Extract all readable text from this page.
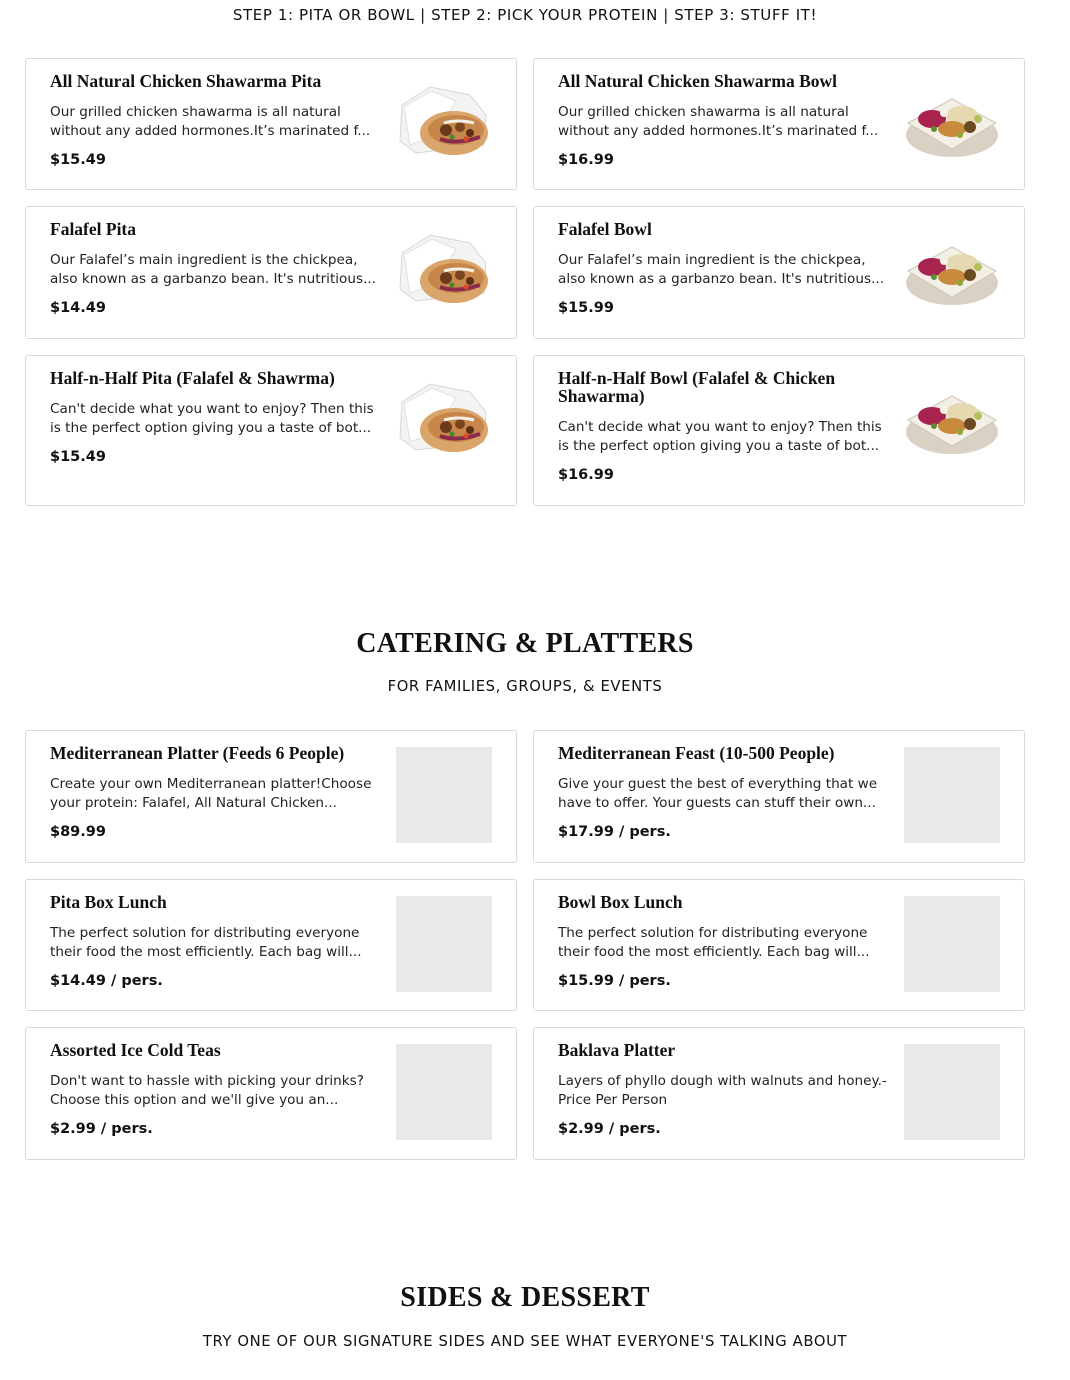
STEP 1: PITA OR BOWL | STEP 2: PICK YOUR PROTEIN | STEP 3: STUFF IT!
All Natural Chicken Shawarma Pita
Our grilled chicken shawarma is all natural without any added hormones.It’s marinated f...
$15.49
All Natural Chicken Shawarma Bowl
Our grilled chicken shawarma is all natural without any added hormones.It’s marinated f...
$16.99
Falafel Pita
Our Falafel’s main ingredient is the chickpea, also known as a garbanzo bean. It's nutritious...
$14.49
Falafel Bowl
Our Falafel’s main ingredient is the chickpea, also known as a garbanzo bean. It's nutritious...
$15.99
Half-n-Half Pita (Falafel & Shawrma)
Can't decide what you want to enjoy? Then this is the perfect option giving you a taste of bot...
$15.49
Half-n-Half Bowl (Falafel & Chicken Shawarma)
Can't decide what you want to enjoy? Then this is the perfect option giving you a taste of bot...
$16.99
CATERING & PLATTERS
FOR FAMILIES, GROUPS, & EVENTS
Mediterranean Platter (Feeds 6 People)
Create your own Mediterranean platter!Choose your protein: Falafel, All Natural Chicken...
$89.99
Mediterranean Feast (10-500 People)
Give your guest the best of everything that we have to offer. Your guests can stuff their own...
$17.99 / pers.
Pita Box Lunch
The perfect solution for distributing everyone their food the most efficiently. Each bag will...
$14.49 / pers.
Bowl Box Lunch
The perfect solution for distributing everyone their food the most efficiently. Each bag will...
$15.99 / pers.
Assorted Ice Cold Teas
Don't want to hassle with picking your drinks? Choose this option and we'll give you an...
$2.99 / pers.
Baklava Platter
Layers of phyllo dough with walnuts and honey.-Price Per Person
$2.99 / pers.
SIDES & DESSERT
TRY ONE OF OUR SIGNATURE SIDES AND SEE WHAT EVERYONE'S TALKING ABOUT
